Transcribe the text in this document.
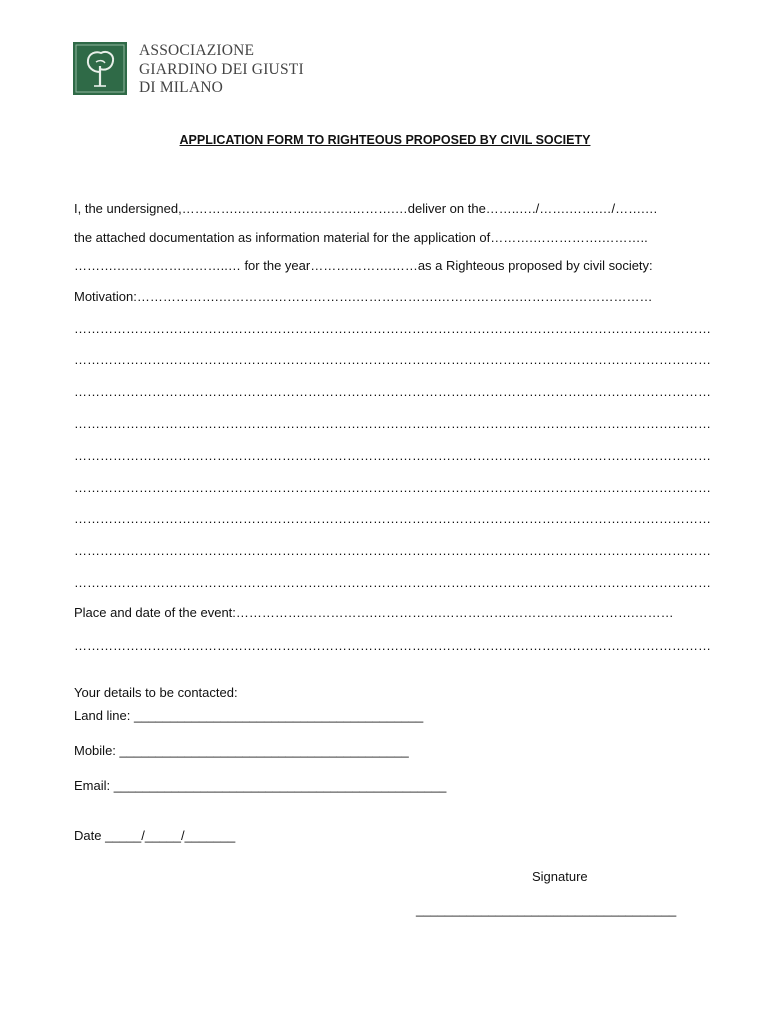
ASSOCIAZIONE
GIARDINO DEI GIUSTI
DI MILANO
APPLICATION FORM TO RIGHTEOUS PROPOSED BY CIVIL SOCIETY
I, the undersigned,………….…….……….……….……….…deliver on the……..…./…….…….…/…….…
the attached documentation as information material for the application of……….…………….………..
……….……………………..… for the year……………….……as a Righteous proposed by civil society:
Motivation:……………….………….……………….……………….……………….……….…………………
…………………………………………………………………………………………………………………………………
…………………………………………………………………………………………………………………………………
…………………………………………………………………………………………………………………………………
…………………………………………………………………………………………………………………………………
…………………………………………………………………………………………………………………………………
…………………………………………………………………………………………………………………………………
…………………………………………………………………………………………………………………………………
…………………………………………………………………………………………………………………………………
…………………………………………………………………………………………………………………………………
Place and date of the event:…………….…………….…………….…………….…………….………….………
…………………………………………………………………………………………………………………………………
Your details to be contacted:
Land line: ________________________________________
Mobile: ________________________________________
Email: ______________________________________________
Date _____/_____/_______
Signature
____________________________________
